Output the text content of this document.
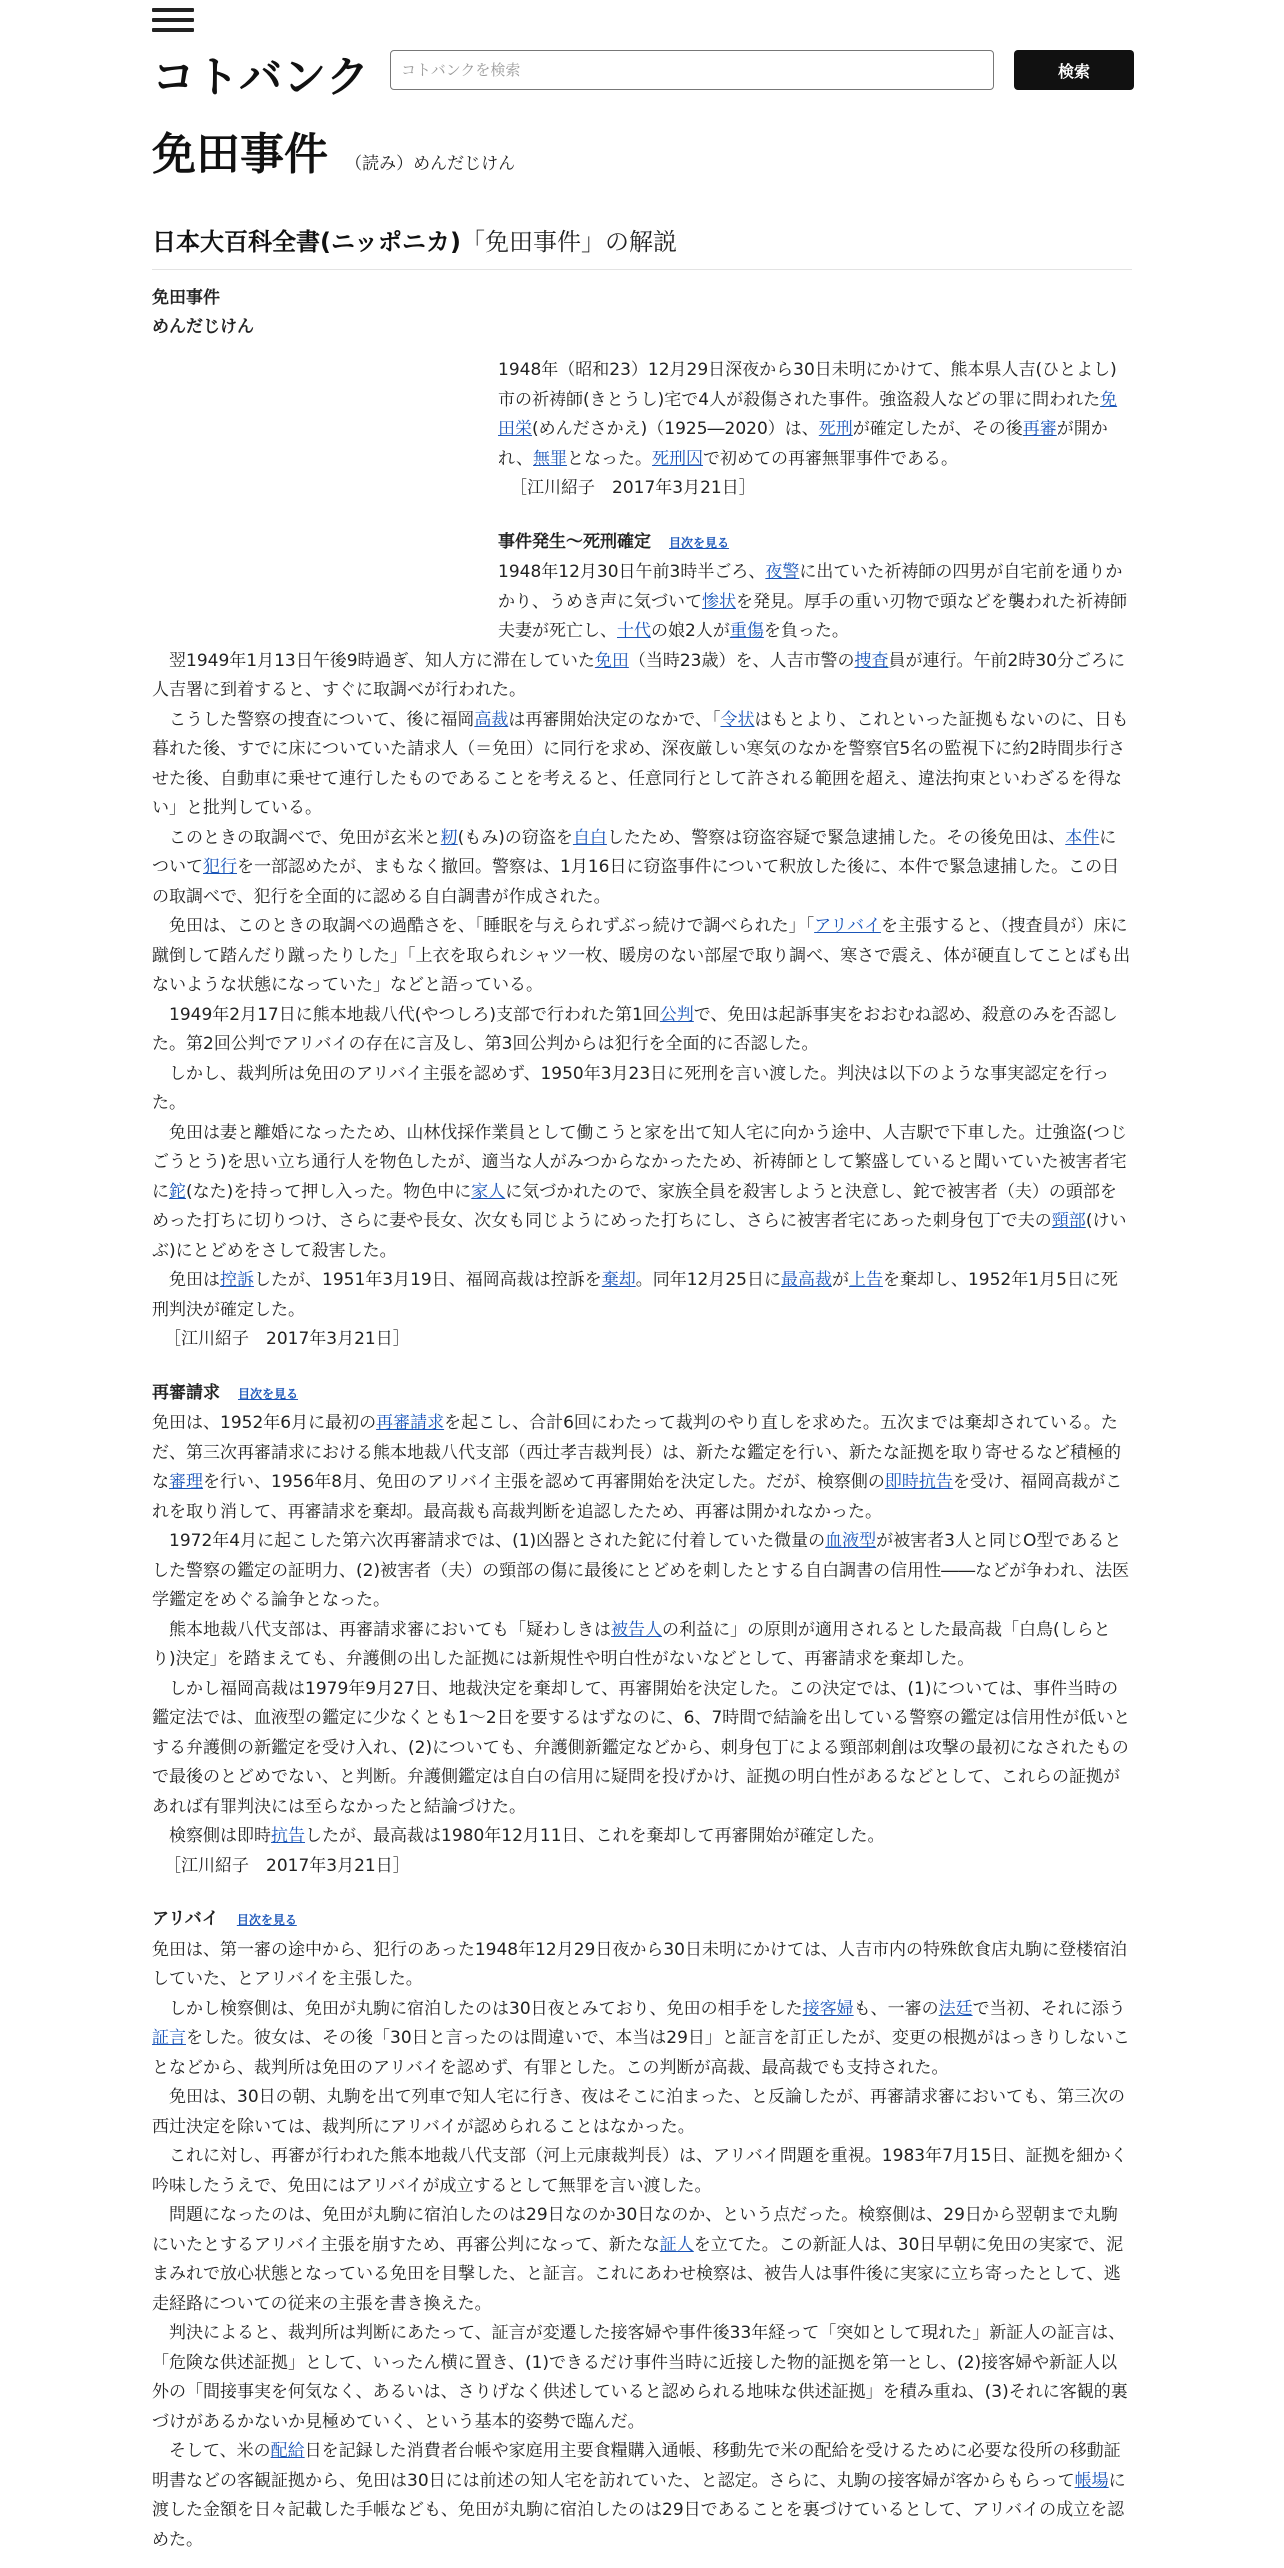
コトバンク
コトバンクを検索	検索
免田事件 （読み）めんだじけん
日本大百科全書(ニッポニカ)「免田事件」の解説
免田事件
めんだじけん

1948年（昭和23）12月29日深夜から30日未明にかけて、熊本県人吉(ひとよし)市の祈祷師(きとうし)宅で4人が殺傷された事件。強盗殺人などの罪に問われた免田栄(めんださかえ)（1925―2020）は、死刑が確定したが、その後再審が開かれ、無罪となった。死刑囚で初めての再審無罪事件である。

［江川紹子　2017年3月21日］
事件発生～死刑確定 目次を見る

1948年12月30日午前3時半ごろ、夜警に出ていた祈祷師の四男が自宅前を通りかかり、うめき声に気づいて惨状を発見。厚手の重い刃物で頭などを襲われた祈祷師夫妻が死亡し、十代の娘2人が重傷を負った。

翌1949年1月13日午後9時過ぎ、知人方に滞在していた免田（当時23歳）を、人吉市警の捜査員が連行。午前2時30分ごろに人吉署に到着すると、すぐに取調べが行われた。

こうした警察の捜査について、後に福岡高裁は再審開始決定のなかで、「令状はもとより、これといった証拠もないのに、日も暮れた後、すでに床についていた請求人（＝免田）に同行を求め、深夜厳しい寒気のなかを警察官5名の監視下に約2時間歩行させた後、自動車に乗せて連行したものであることを考えると、任意同行として許される範囲を超え、違法拘束といわざるを得ない」と批判している。

このときの取調べで、免田が玄米と籾(もみ)の窃盗を自白したため、警察は窃盗容疑で緊急逮捕した。その後免田は、本件について犯行を一部認めたが、まもなく撤回。警察は、1月16日に窃盗事件について釈放した後に、本件で緊急逮捕した。この日の取調べで、犯行を全面的に認める自白調書が作成された。

免田は、このときの取調べの過酷さを、「睡眠を与えられずぶっ続けで調べられた」「アリバイを主張すると、（捜査員が）床に蹴倒して踏んだり蹴ったりした」「上衣を取られシャツ一枚、暖房のない部屋で取り調べ、寒さで震え、体が硬直してことばも出ないような状態になっていた」などと語っている。

1949年2月17日に熊本地裁八代(やつしろ)支部で行われた第1回公判で、免田は起訴事実をおおむね認め、殺意のみを否認した。第2回公判でアリバイの存在に言及し、第3回公判からは犯行を全面的に否認した。

しかし、裁判所は免田のアリバイ主張を認めず、1950年3月23日に死刑を言い渡した。判決は以下のような事実認定を行った。

免田は妻と離婚になったため、山林伐採作業員として働こうと家を出て知人宅に向かう途中、人吉駅で下車した。辻強盗(つじごうとう)を思い立ち通行人を物色したが、適当な人がみつからなかったため、祈祷師として繁盛していると聞いていた被害者宅に鉈(なた)を持って押し入った。物色中に家人に気づかれたので、家族全員を殺害しようと決意し、鉈で被害者（夫）の頭部をめった打ちに切りつけ、さらに妻や長女、次女も同じようにめった打ちにし、さらに被害者宅にあった刺身包丁で夫の頸部(けいぶ)にとどめをさして殺害した。

免田は控訴したが、1951年3月19日、福岡高裁は控訴を棄却。同年12月25日に最高裁が上告を棄却し、1952年1月5日に死刑判決が確定した。

［江川紹子　2017年3月21日］
再審請求 目次を見る

免田は、1952年6月に最初の再審請求を起こし、合計6回にわたって裁判のやり直しを求めた。五次までは棄却されている。ただ、第三次再審請求における熊本地裁八代支部（西辻孝吉裁判長）は、新たな鑑定を行い、新たな証拠を取り寄せるなど積極的な審理を行い、1956年8月、免田のアリバイ主張を認めて再審開始を決定した。だが、検察側の即時抗告を受け、福岡高裁がこれを取り消して、再審請求を棄却。最高裁も高裁判断を追認したため、再審は開かれなかった。

1972年4月に起こした第六次再審請求では、(1)凶器とされた鉈に付着していた微量の血液型が被害者3人と同じO型であるとした警察の鑑定の証明力、(2)被害者（夫）の頸部の傷に最後にとどめを刺したとする自白調書の信用性――などが争われ、法医学鑑定をめぐる論争となった。

熊本地裁八代支部は、再審請求審においても「疑わしきは被告人の利益に」の原則が適用されるとした最高裁「白鳥(しらとり)決定」を踏まえても、弁護側の出した証拠には新規性や明白性がないなどとして、再審請求を棄却した。

しかし福岡高裁は1979年9月27日、地裁決定を棄却して、再審開始を決定した。この決定では、(1)については、事件当時の鑑定法では、血液型の鑑定に少なくとも1～2日を要するはずなのに、6、7時間で結論を出している警察の鑑定は信用性が低いとする弁護側の新鑑定を受け入れ、(2)についても、弁護側新鑑定などから、刺身包丁による頸部刺創は攻撃の最初になされたもので最後のとどめでない、と判断。弁護側鑑定は自白の信用に疑問を投げかけ、証拠の明白性があるなどとして、これらの証拠があれば有罪判決には至らなかったと結論づけた。

検察側は即時抗告したが、最高裁は1980年12月11日、これを棄却して再審開始が確定した。

［江川紹子　2017年3月21日］
アリバイ 目次を見る

免田は、第一審の途中から、犯行のあった1948年12月29日夜から30日未明にかけては、人吉市内の特殊飲食店丸駒に登楼宿泊していた、とアリバイを主張した。

しかし検察側は、免田が丸駒に宿泊したのは30日夜とみており、免田の相手をした接客婦も、一審の法廷で当初、それに添う証言をした。彼女は、その後「30日と言ったのは間違いで、本当は29日」と証言を訂正したが、変更の根拠がはっきりしないことなどから、裁判所は免田のアリバイを認めず、有罪とした。この判断が高裁、最高裁でも支持された。

免田は、30日の朝、丸駒を出て列車で知人宅に行き、夜はそこに泊まった、と反論したが、再審請求審においても、第三次の西辻決定を除いては、裁判所にアリバイが認められることはなかった。

これに対し、再審が行われた熊本地裁八代支部（河上元康裁判長）は、アリバイ問題を重視。1983年7月15日、証拠を細かく吟味したうえで、免田にはアリバイが成立するとして無罪を言い渡した。

問題になったのは、免田が丸駒に宿泊したのは29日なのか30日なのか、という点だった。検察側は、29日から翌朝まで丸駒にいたとするアリバイ主張を崩すため、再審公判になって、新たな証人を立てた。この新証人は、30日早朝に免田の実家で、泥まみれで放心状態となっている免田を目撃した、と証言。これにあわせ検察は、被告人は事件後に実家に立ち寄ったとして、逃走経路についての従来の主張を書き換えた。

判決によると、裁判所は判断にあたって、証言が変遷した接客婦や事件後33年経って「突如として現れた」新証人の証言は、「危険な供述証拠」として、いったん横に置き、(1)できるだけ事件当時に近接した物的証拠を第一とし、(2)接客婦や新証人以外の「間接事実を何気なく、あるいは、さりげなく供述していると認められる地味な供述証拠」を積み重ね、(3)それに客観的裏づけがあるかないか見極めていく、という基本的姿勢で臨んだ。

そして、米の配給日を記録した消費者台帳や家庭用主要食糧購入通帳、移動先で米の配給を受けるために必要な役所の移動証明書などの客観証拠から、免田は30日には前述の知人宅を訪れていた、と認定。さらに、丸駒の接客婦が客からもらって帳場に渡した金額を日々記載した手帳なども、免田が丸駒に宿泊したのは29日であることを裏づけているとして、アリバイの成立を認めた。
